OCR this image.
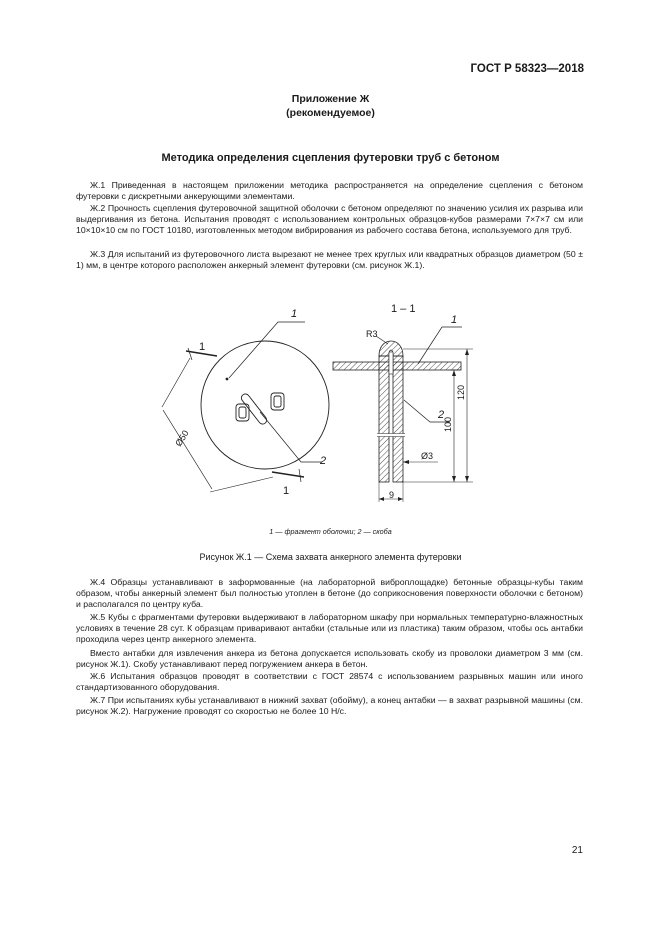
ГОСТ Р 58323—2018
Приложение Ж
(рекомендуемое)
Методика определения сцепления футеровки труб с бетоном

Ж.1 Приведенная в настоящем приложении методика распространяется на определение сцепления с бетоном футеровки с дискретными анкерующими элементами.

Ж.2 Прочность сцепления футеровочной защитной оболочки с бетоном определяют по значению усилия их разрыва или выдергивания из бетона. Испытания проводят с использованием контрольных образцов-кубов размерами 7×7×7 см или 10×10×10 см по ГОСТ 10180, изготовленных методом вибрирования из рабочего состава бетона, используемого для труб.

Ж.3 Для испытаний из футеровочного листа вырезают не менее трех круглых или квадратных образцов диаметром (50 ± 1) мм, в центре которого расположен анкерный элемент футеровки (см. рисунок Ж.1).

1
2
1
1
Ø50
1 – 1
R3
1
2
120
100
Ø3
9
1 — фрагмент оболочки; 2 — скоба
Рисунок Ж.1 — Схема захвата анкерного элемента футеровки

Ж.4 Образцы устанавливают в заформованные (на лабораторной виброплощадке) бетонные образцы-кубы таким образом, чтобы анкерный элемент был полностью утоплен в бетоне (до соприкосновения поверхности оболочки с бетоном) и располагался по центру куба.

Ж.5 Кубы с фрагментами футеровки выдерживают в лабораторном шкафу при нормальных температурно-влажностных условиях в течение 28 сут. К образцам приваривают антабки (стальные или из пластика) таким образом, чтобы ось антабки проходила через центр анкерного элемента.

Вместо антабки для извлечения анкера из бетона допускается использовать скобу из проволоки диаметром 3 мм (см. рисунок Ж.1). Скобу устанавливают перед погружением анкера в бетон.

Ж.6 Испытания образцов проводят в соответствии с ГОСТ 28574 с использованием разрывных машин или иного стандартизованного оборудования.

Ж.7 При испытаниях кубы устанавливают в нижний захват (обойму), а конец антабки — в захват разрывной машины (см. рисунок Ж.2). Нагружение проводят со скоростью не более 10 Н/с.

21
